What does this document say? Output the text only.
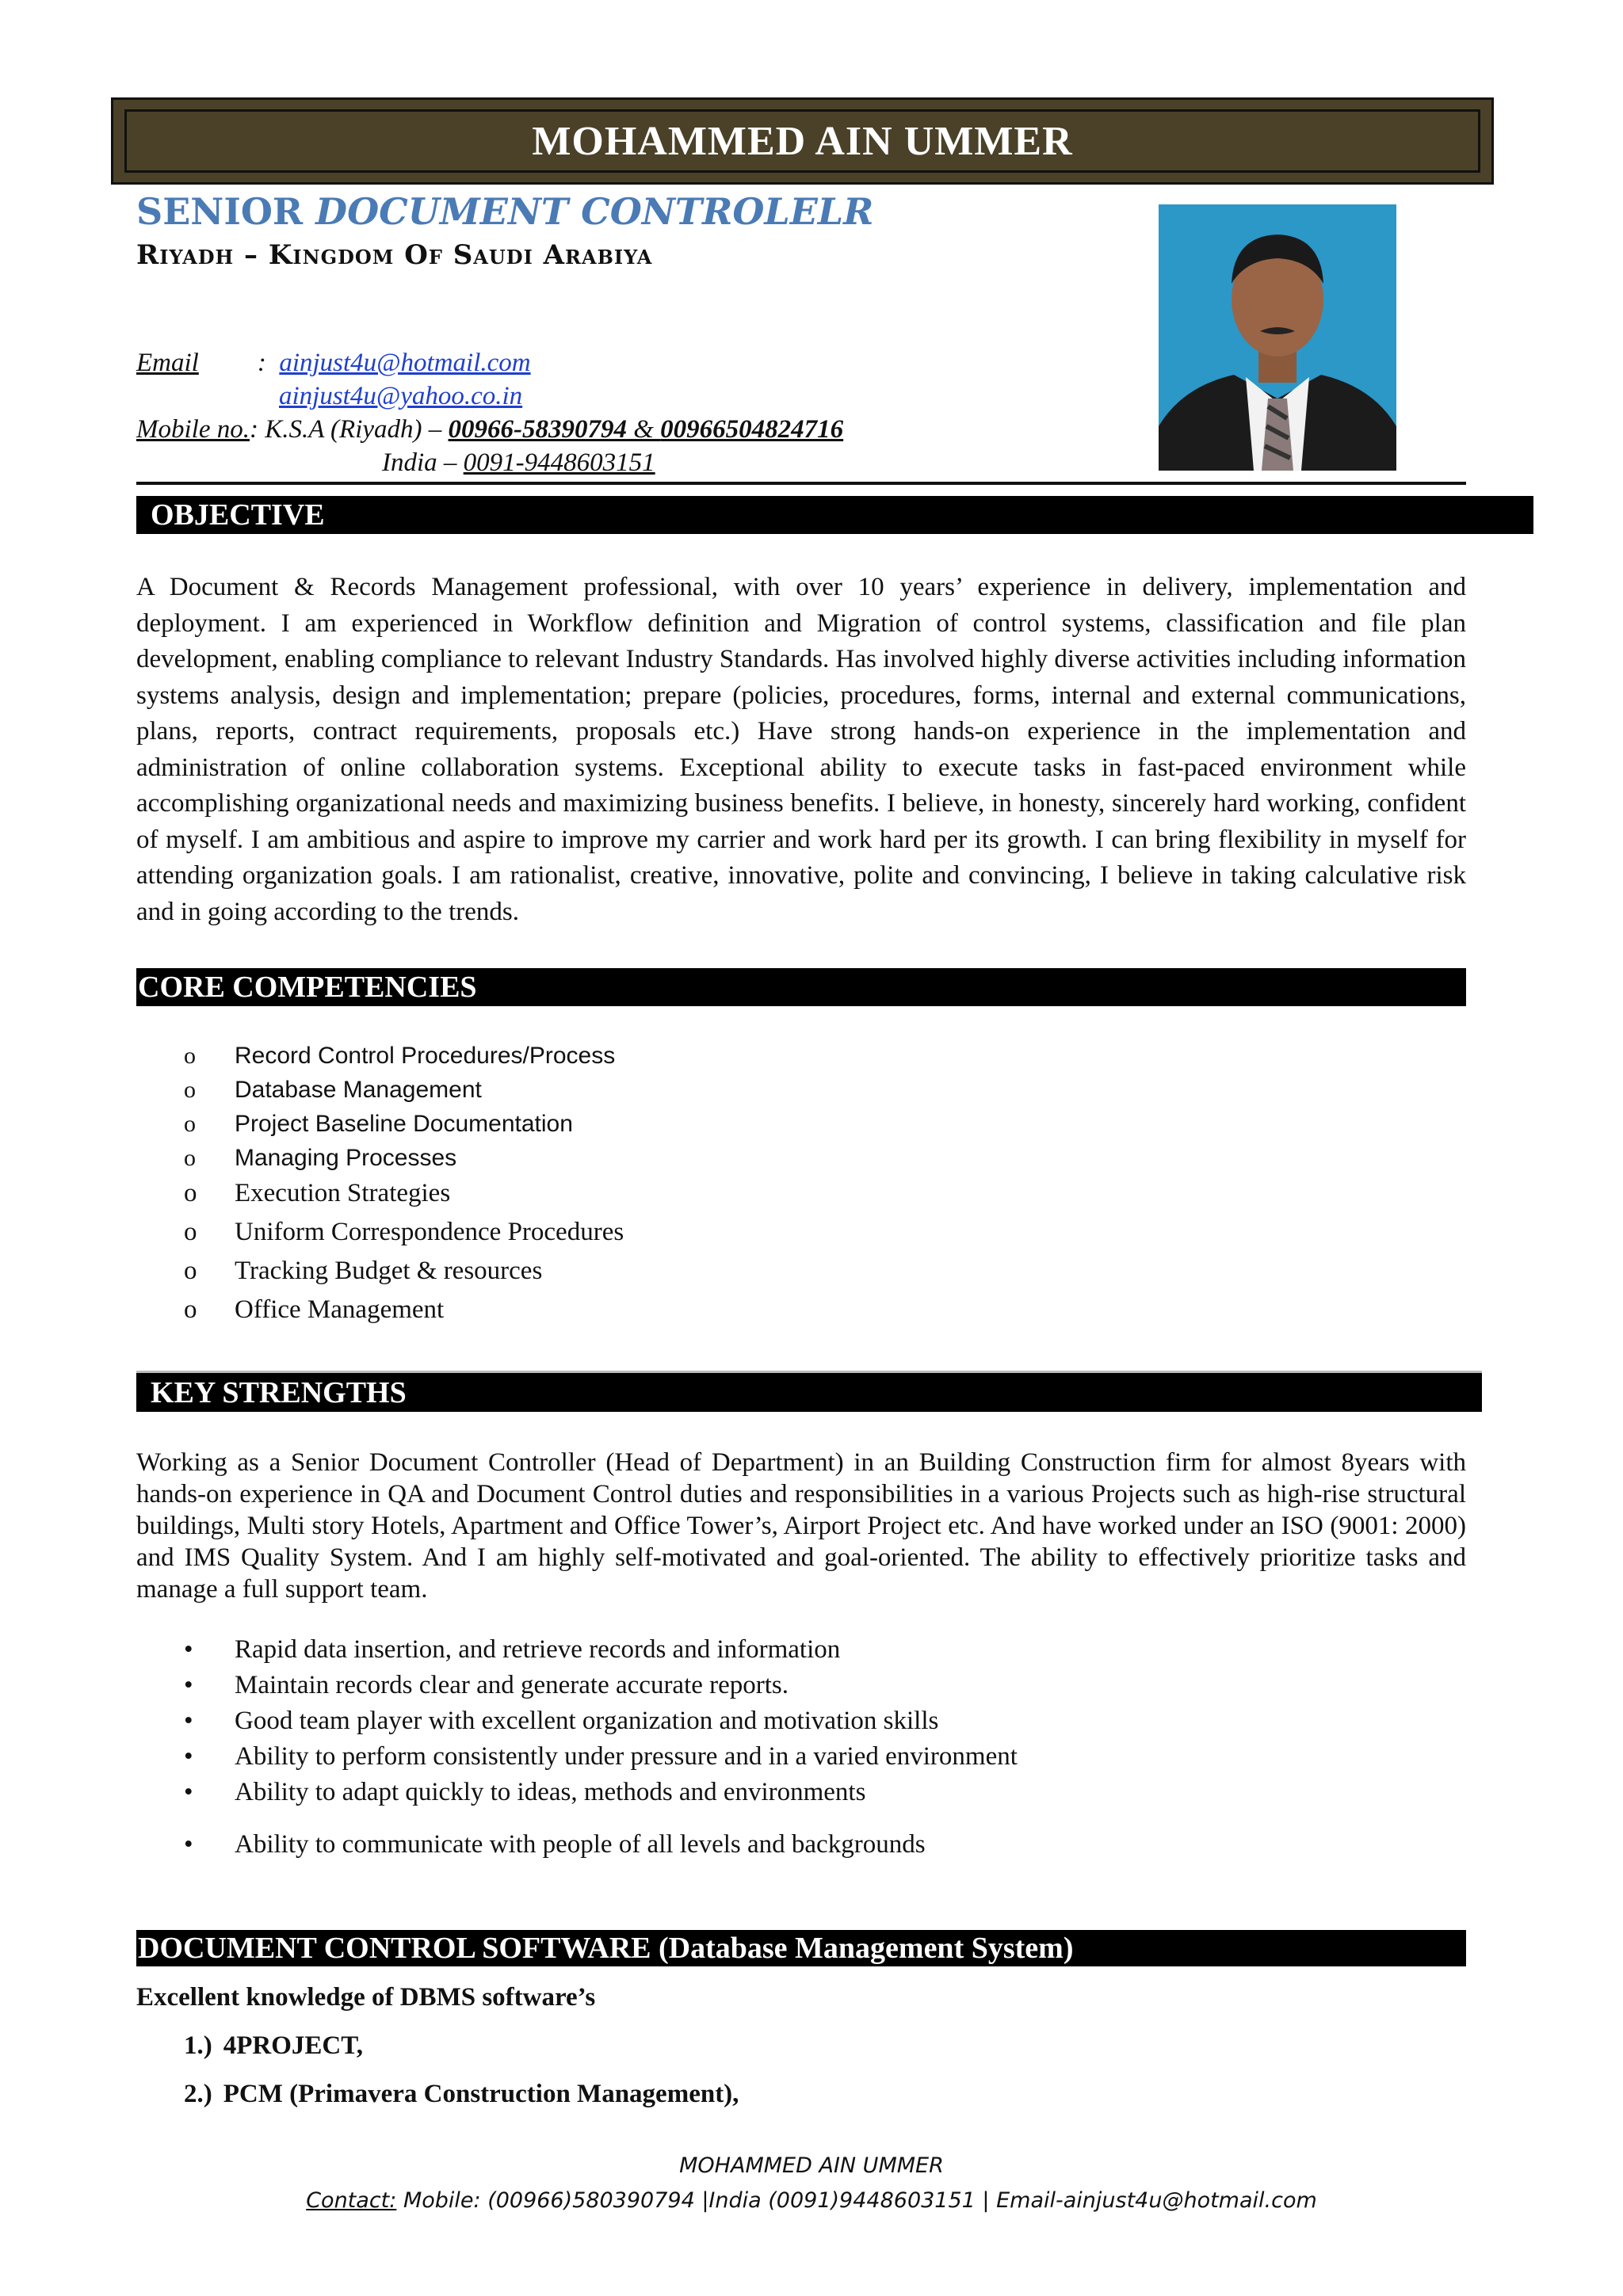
MOHAMMED AIN UMMER
SENIOR DOCUMENT CONTROLELR
Riyadh – Kingdom Of Saudi Arabiya
Email : ainjust4u@hotmail.com
ainjust4u@yahoo.co.in
Mobile no.: K.S.A (Riyadh) – 00966-58390794 & 00966504824716
India – 0091-9448603151
OBJECTIVE
A Document & Records Management professional, with over 10 years’ experience in delivery, implementation and deployment. I am experienced in Workflow definition and Migration of control systems, classification and file plan development, enabling compliance to relevant Industry Standards. Has involved highly diverse activities including information systems analysis, design and implementation; prepare (policies, procedures, forms, internal and external communications, plans, reports, contract requirements, proposals etc.) Have strong hands-on experience in the implementation and administration of online collaboration systems. Exceptional ability to execute tasks in fast-paced environment while accomplishing organizational needs and maximizing business benefits. I believe, in honesty, sincerely hard working, confident of myself. I am ambitious and aspire to improve my carrier and work hard per its growth. I can bring flexibility in myself for attending organization goals. I am rationalist, creative, innovative, polite and convincing, I believe in taking calculative risk and in going according to the trends.
CORE COMPETENCIES
o Record Control Procedures/Process
o Database Management
o Project Baseline Documentation
o Managing Processes
o Execution Strategies
o Uniform Correspondence Procedures
o Tracking Budget & resources
o Office Management
KEY STRENGTHS
Working as a Senior Document Controller (Head of Department) in an Building Construction firm for almost 8years with hands-on experience in QA and Document Control duties and responsibilities in a various Projects such as high-rise structural buildings, Multi story Hotels, Apartment and Office Tower’s, Airport Project etc. And have worked under an ISO (9001: 2000) and IMS Quality System. And I am highly self-motivated and goal-oriented. The ability to effectively prioritize tasks and manage a full support team.
• Rapid data insertion, and retrieve records and information
• Maintain records clear and generate accurate reports.
• Good team player with excellent organization and motivation skills
• Ability to perform consistently under pressure and in a varied environment
• Ability to adapt quickly to ideas, methods and environments
• Ability to communicate with people of all levels and backgrounds
DOCUMENT CONTROL SOFTWARE (Database Management System)
Excellent knowledge of DBMS software’s
1.) 4PROJECT,
2.) PCM (Primavera Construction Management),
MOHAMMED AIN UMMER
Contact: Mobile: (00966)580390794 |India (0091)9448603151 | Email-ainjust4u@hotmail.com
